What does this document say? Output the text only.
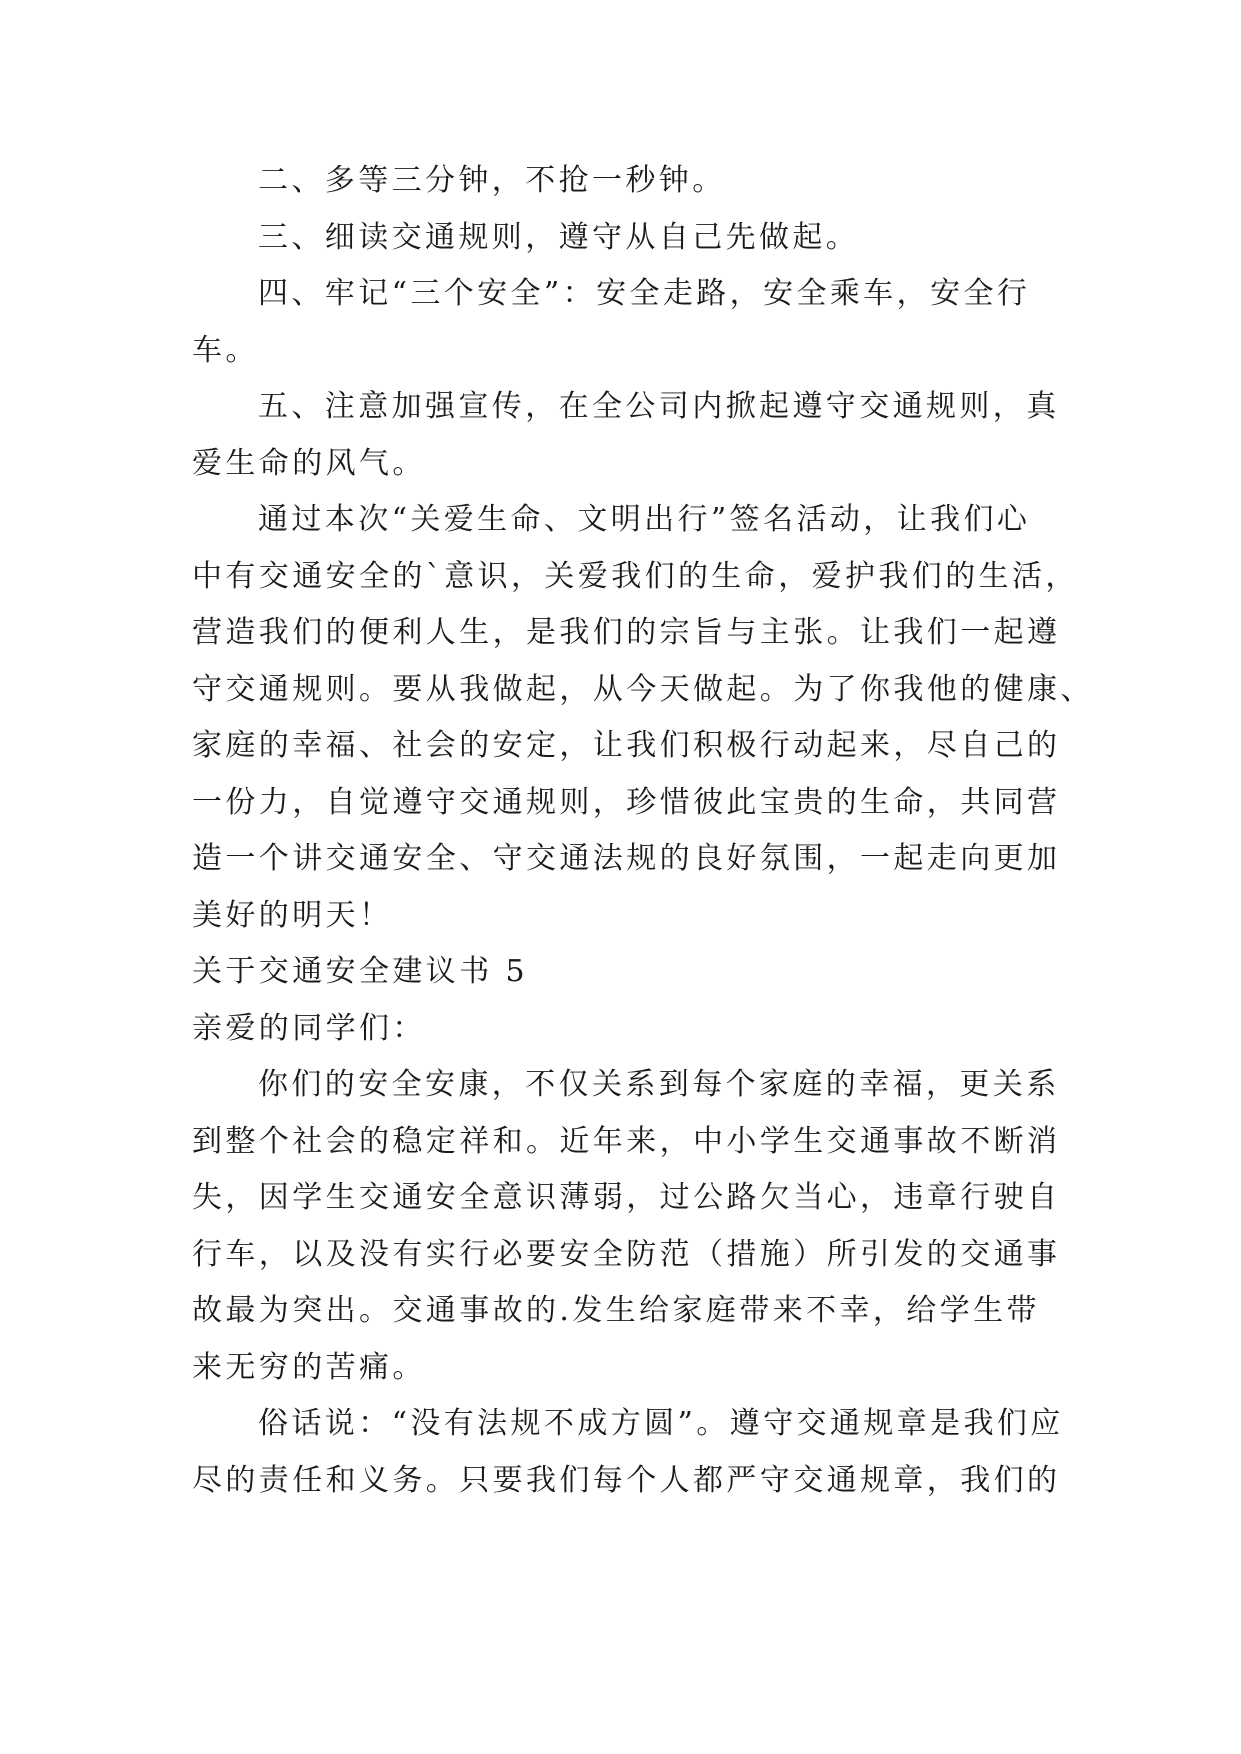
二、多等三分钟，不抢一秒钟。
三、细读交通规则，遵守从自己先做起。
四、牢记“三个安全”：安全走路，安全乘车，安全行
车。
五、注意加强宣传，在全公司内掀起遵守交通规则，真
爱生命的风气。
通过本次“关爱生命、文明出行”签名活动，让我们心
中有交通安全的`意识，关爱我们的生命，爱护我们的生活，
营造我们的便利人生，是我们的宗旨与主张。让我们一起遵
守交通规则。要从我做起，从今天做起。为了你我他的健康、
家庭的幸福、社会的安定，让我们积极行动起来，尽自己的
一份力，自觉遵守交通规则，珍惜彼此宝贵的生命，共同营
造一个讲交通安全、守交通法规的良好氛围，一起走向更加
美好的明天！
关于交通安全建议书 5
亲爱的同学们：
你们的安全安康，不仅关系到每个家庭的幸福，更关系
到整个社会的稳定祥和。近年来，中小学生交通事故不断消
失，因学生交通安全意识薄弱，过公路欠当心，违章行驶自
行车，以及没有实行必要安全防范（措施）所引发的交通事
故最为突出。交通事故的.发生给家庭带来不幸，给学生带
来无穷的苦痛。
俗话说：“没有法规不成方圆”。遵守交通规章是我们应
尽的责任和义务。只要我们每个人都严守交通规章，我们的
